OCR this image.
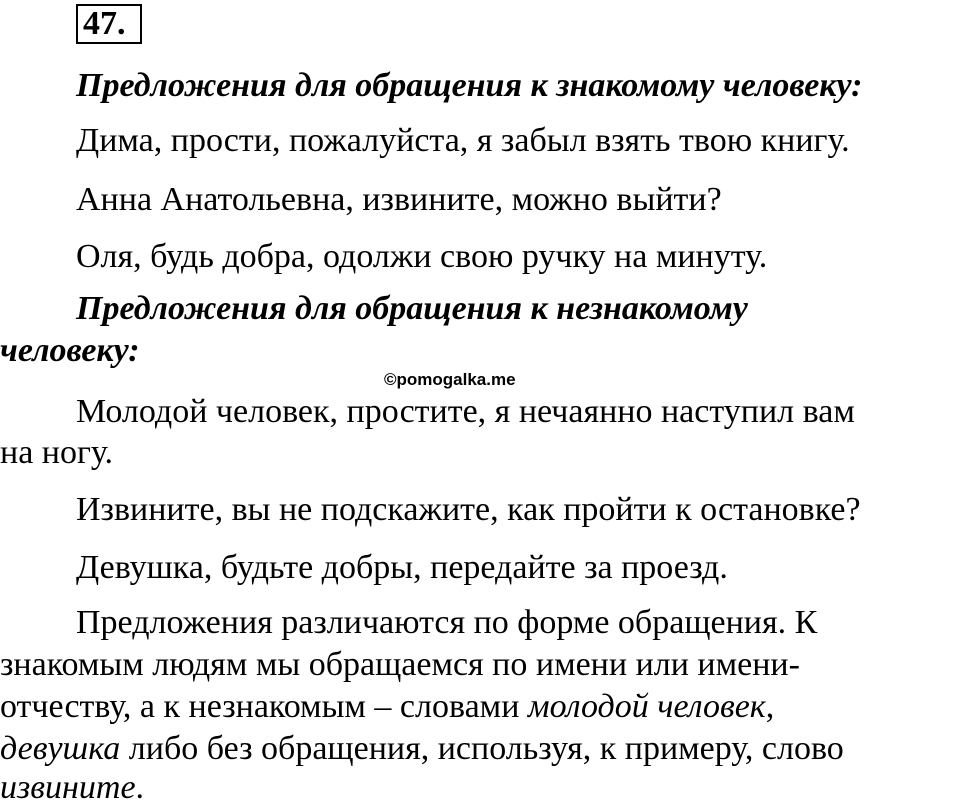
47.
Предложения для обращения к знакомому человеку:
Дима, прости, пожалуйста, я забыл взять твою книгу.
Анна Анатольевна, извините, можно выйти?
Оля, будь добра, одолжи свою ручку на минуту.
Предложения для обращения к незнакомому
человеку:
©pomogalka.me
Молодой человек, простите, я нечаянно наступил вам
на ногу.
Извините, вы не подскажите, как пройти к остановке?
Девушка, будьте добры, передайте за проезд.
Предложения различаются по форме обращения. К
знакомым людям мы обращаемся по имени или имени-
отчеству, а к незнакомым – словами молодой человек,
девушка либо без обращения, используя, к примеру, слово
извините.
